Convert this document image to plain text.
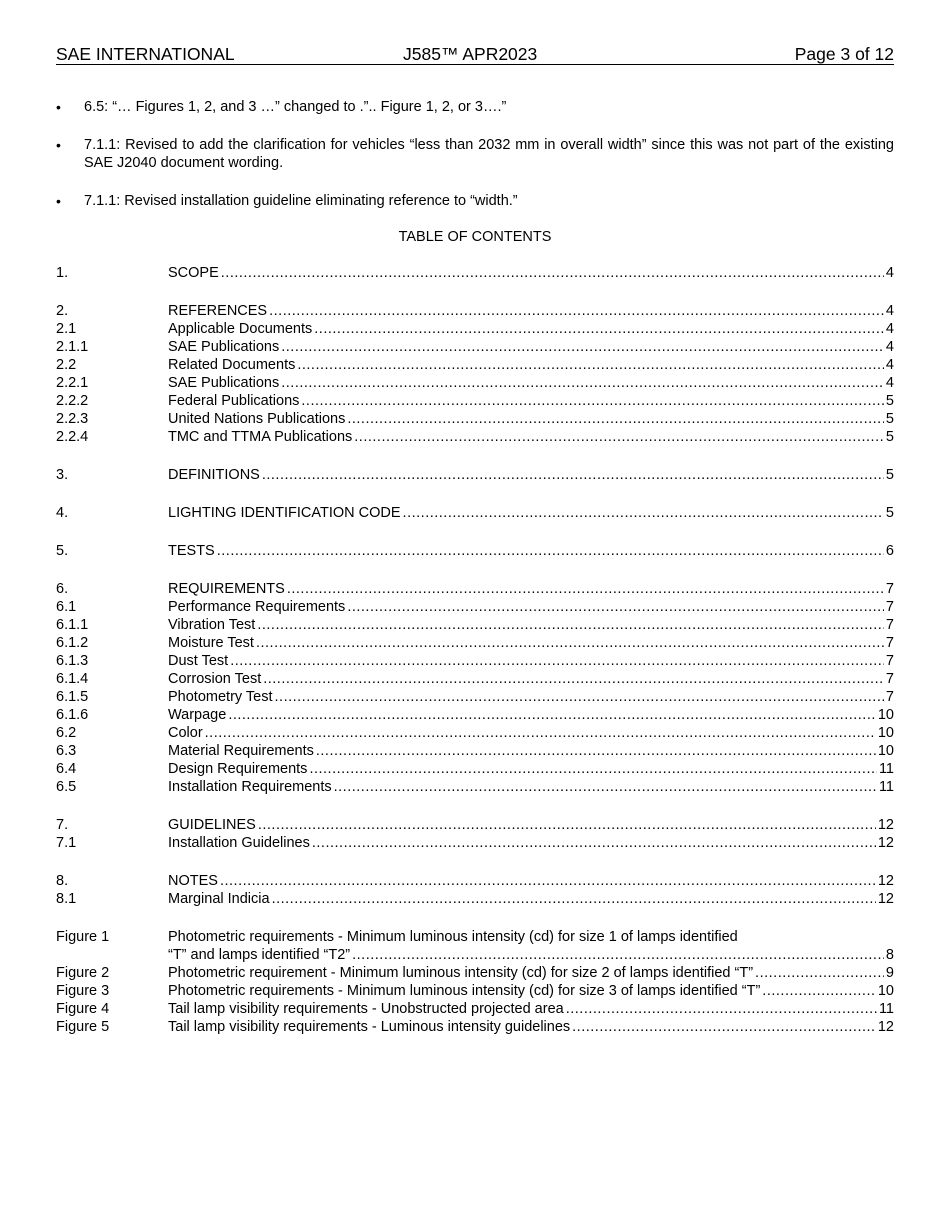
SAE INTERNATIONAL	J585™ APR2023	Page 3 of 12
• 6.5: “… Figures 1, 2, and 3 …” changed to .”.. Figure 1, 2, or 3….”
• 7.1.1: Revised to add the clarification for vehicles “less than 2032 mm in overall width” since this was not part of the existing SAE J2040 document wording.
• 7.1.1: Revised installation guideline eliminating reference to “width.”
TABLE OF CONTENTS
1.	SCOPE .....	4
2.	REFERENCES .....	4
2.1	Applicable Documents .....	4
2.1.1	SAE Publications .....	4
2.2	Related Documents .....	4
2.2.1	SAE Publications .....	4
2.2.2	Federal Publications .....	5
2.2.3	United Nations Publications .....	5
2.2.4	TMC and TTMA Publications .....	5
3.	DEFINITIONS .....	5
4.	LIGHTING IDENTIFICATION CODE .....	5
5.	TESTS .....	6
6.	REQUIREMENTS .....	7
6.1	Performance Requirements .....	7
6.1.1	Vibration Test .....	7
6.1.2	Moisture Test .....	7
6.1.3	Dust Test .....	7
6.1.4	Corrosion Test .....	7
6.1.5	Photometry Test .....	7
6.1.6	Warpage .....	10
6.2	Color .....	10
6.3	Material Requirements .....	10
6.4	Design Requirements .....	11
6.5	Installation Requirements .....	11
7.	GUIDELINES .....	12
7.1	Installation Guidelines .....	12
8.	NOTES .....	12
8.1	Marginal Indicia .....	12
Figure 1	Photometric requirements - Minimum luminous intensity (cd) for size 1 of lamps identified
“T” and lamps identified “T2” .....	8
Figure 2	Photometric requirement - Minimum luminous intensity (cd) for size 2 of lamps identified “T” .....	9
Figure 3	Photometric requirements - Minimum luminous intensity (cd) for size 3 of lamps identified “T” .....	10
Figure 4	Tail lamp visibility requirements - Unobstructed projected area .....	11
Figure 5	Tail lamp visibility requirements - Luminous intensity guidelines .....	12
